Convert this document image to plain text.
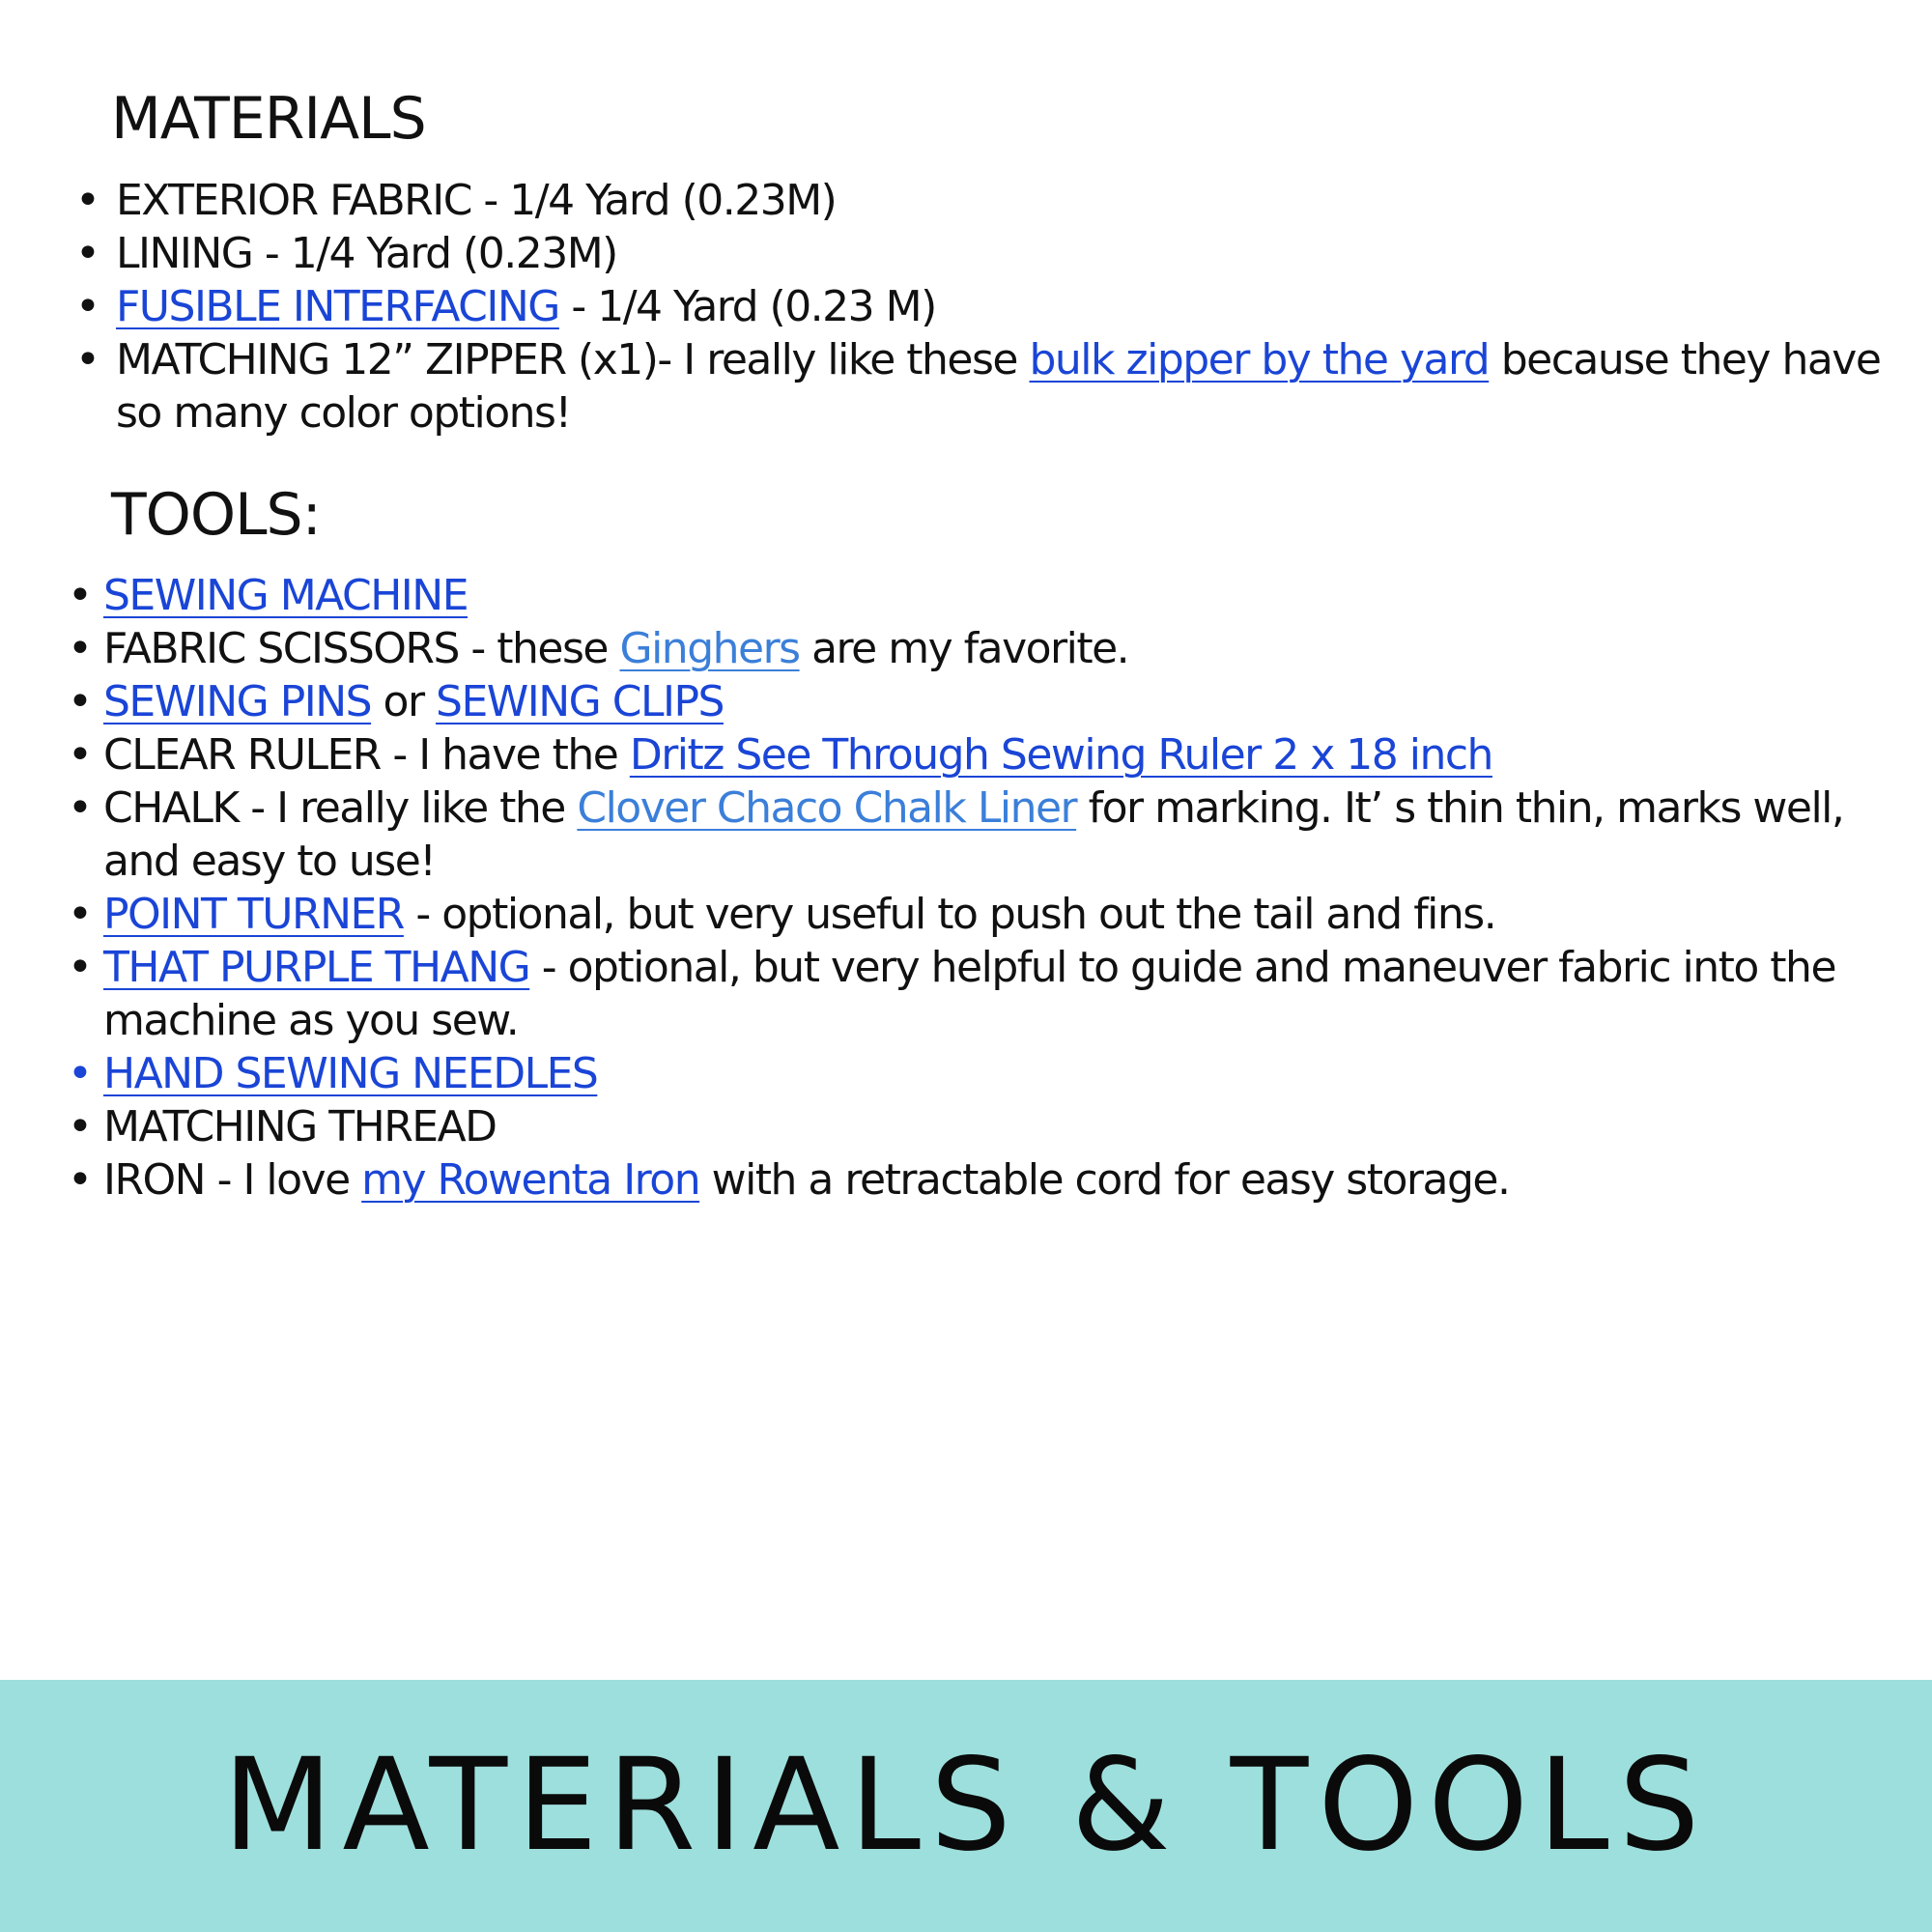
MATERIALS
• EXTERIOR FABRIC - 1/4 Yard (0.23M)
• LINING - 1/4 Yard (0.23M)
• FUSIBLE INTERFACING - 1/4 Yard (0.23 M)
• MATCHING 12” ZIPPER (x1)- I really like these bulk zipper by the yard because they have so many color options!
TOOLS:
• SEWING MACHINE
• FABRIC SCISSORS - these Ginghers are my favorite.
• SEWING PINS or SEWING CLIPS
• CLEAR RULER - I have the Dritz See Through Sewing Ruler 2 x 18 inch
• CHALK - I really like the Clover Chaco Chalk Liner for marking. It’ s thin thin, marks well, and easy to use!
• POINT TURNER - optional, but very useful to push out the tail and fins.
• THAT PURPLE THANG - optional, but very helpful to guide and maneuver fabric into the machine as you sew.
• HAND SEWING NEEDLES
• MATCHING THREAD
• IRON - I love my Rowenta Iron with a retractable cord for easy storage.
MATERIALS & TOOLS
